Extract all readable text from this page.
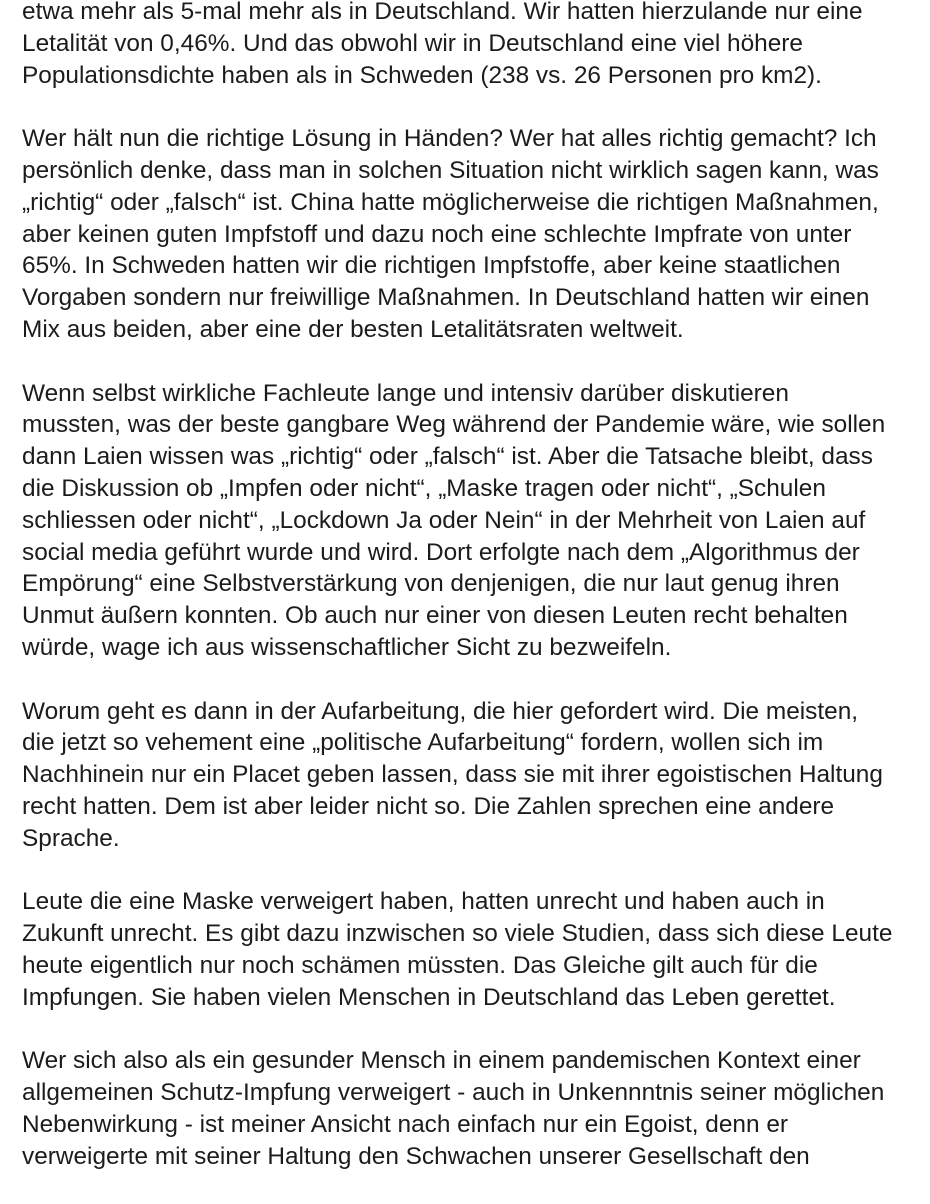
etwa mehr als 5-mal mehr als in Deutschland. Wir hatten hierzulande nur eine
Letalität von 0,46%. Und das obwohl wir in Deutschland eine viel höhere
Populationsdichte haben als in Schweden (238 vs. 26 Personen pro km2).

Wer hält nun die richtige Lösung in Händen? Wer hat alles richtig gemacht? Ich
persönlich denke, dass man in solchen Situation nicht wirklich sagen kann, was
„richtig“ oder „falsch“ ist. China hatte möglicherweise die richtigen Maßnahmen,
aber keinen guten Impfstoff und dazu noch eine schlechte Impfrate von unter
65%. In Schweden hatten wir die richtigen Impfstoffe, aber keine staatlichen
Vorgaben sondern nur freiwillige Maßnahmen. In Deutschland hatten wir einen
Mix aus beiden, aber eine der besten Letalitätsraten weltweit.

Wenn selbst wirkliche Fachleute lange und intensiv darüber diskutieren
mussten, was der beste gangbare Weg während der Pandemie wäre, wie sollen
dann Laien wissen was „richtig“ oder „falsch“ ist. Aber die Tatsache bleibt, dass
die Diskussion ob „Impfen oder nicht“, „Maske tragen oder nicht“, „Schulen
schliessen oder nicht“, „Lockdown Ja oder Nein“ in der Mehrheit von Laien auf
social media geführt wurde und wird. Dort erfolgte nach dem „Algorithmus der
Empörung“ eine Selbstverstärkung von denjenigen, die nur laut genug ihren
Unmut äußern konnten. Ob auch nur einer von diesen Leuten recht behalten
würde, wage ich aus wissenschaftlicher Sicht zu bezweifeln.

Worum geht es dann in der Aufarbeitung, die hier gefordert wird. Die meisten,
die jetzt so vehement eine „politische Aufarbeitung“ fordern, wollen sich im
Nachhinein nur ein Placet geben lassen, dass sie mit ihrer egoistischen Haltung
recht hatten. Dem ist aber leider nicht so. Die Zahlen sprechen eine andere
Sprache.

Leute die eine Maske verweigert haben, hatten unrecht und haben auch in
Zukunft unrecht. Es gibt dazu inzwischen so viele Studien, dass sich diese Leute
heute eigentlich nur noch schämen müssten. Das Gleiche gilt auch für die
Impfungen. Sie haben vielen Menschen in Deutschland das Leben gerettet.

Wer sich also als ein gesunder Mensch in einem pandemischen Kontext einer
allgemeinen Schutz-Impfung verweigert - auch in Unkennntnis seiner möglichen
Nebenwirkung - ist meiner Ansicht nach einfach nur ein Egoist, denn er
verweigerte mit seiner Haltung den Schwachen unserer Gesellschaft den
